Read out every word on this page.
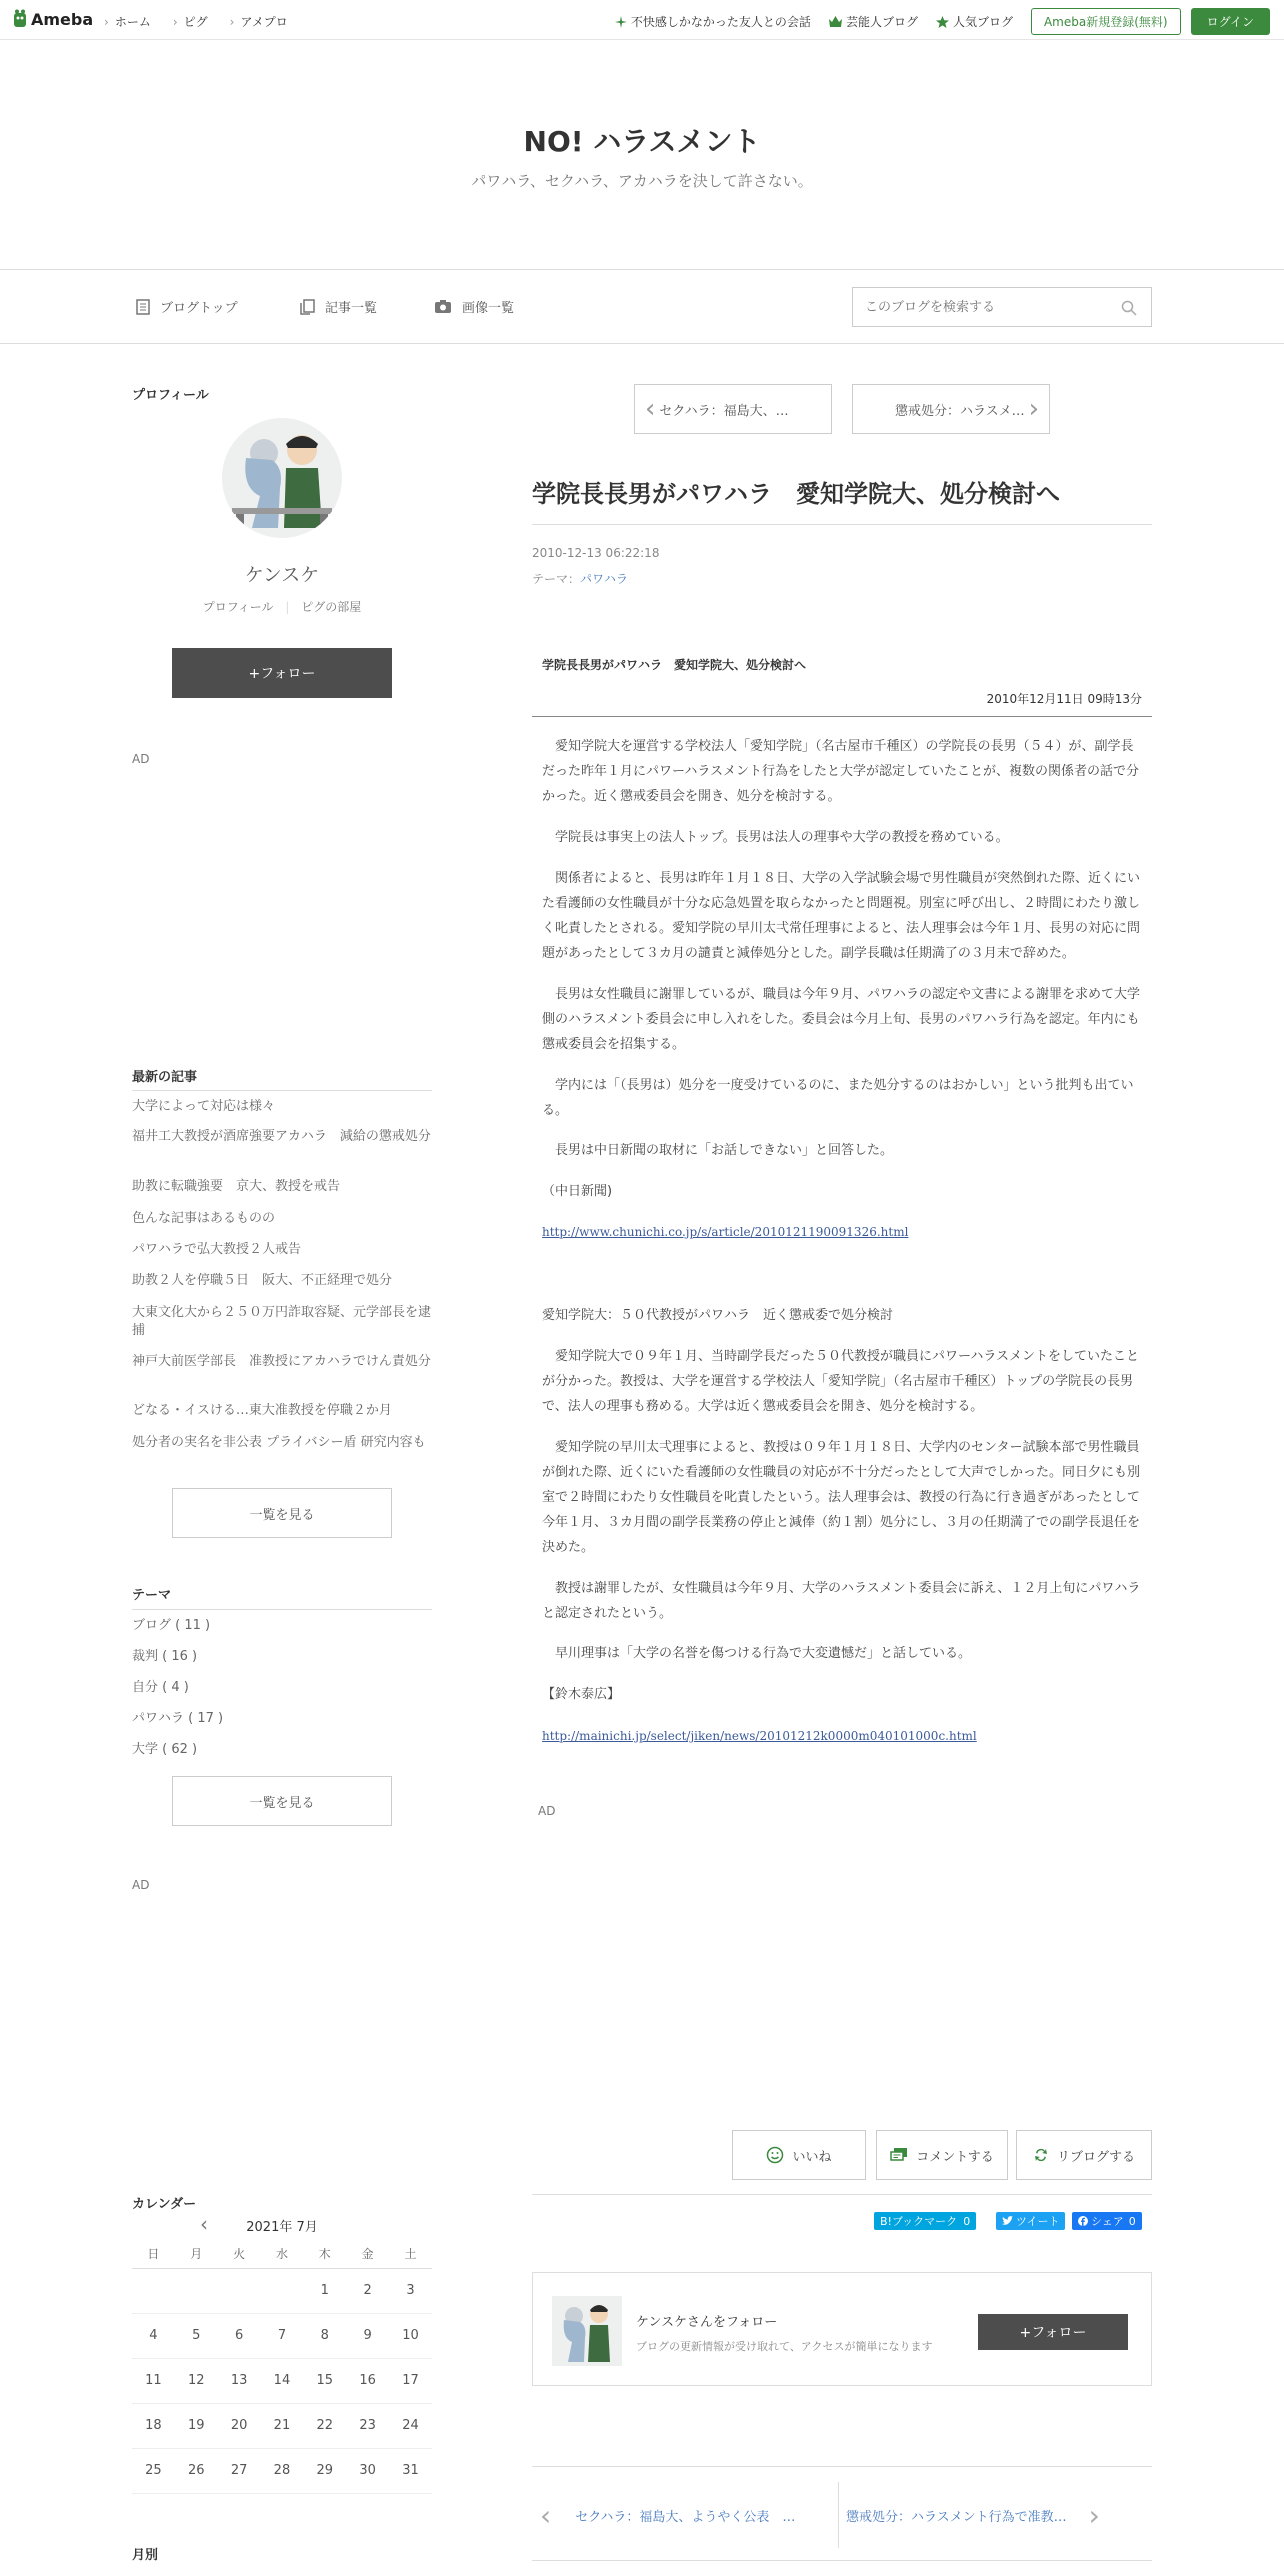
Ameba	› ホーム	› ピグ	› アメプロ	不快感しかなかった友人との会話	芸能人ブログ	人気ブログ	Ameba新規登録(無料)	ログイン
NO! ハラスメント
パワハラ、セクハラ、アカハラを決して許さない。
ブログトップ	記事一覧	画像一覧
このブログを検索する
プロフィール
ケンスケ
プロフィール | ピグの部屋
+フォロー
AD
最新の記事
大学によって対応は様々
福井工大教授が酒席強要アカハラ　減給の懲戒処分
助教に転職強要　京大、教授を戒告
色んな記事はあるものの
パワハラで弘大教授２人戒告
助教２人を停職５日　阪大、不正経理で処分
大東文化大から２５０万円詐取容疑、元学部長を逮捕
神戸大前医学部長　准教授にアカハラでけん責処分
どなる・イスける…東大准教授を停職２か月
処分者の実名を非公表 プライバシー盾 研究内容も
一覧を見る
テーマ
ブログ ( 11 )
裁判 ( 16 )
自分 ( 4 )
パワハラ ( 17 )
大学 ( 62 )
一覧を見る
AD
カレンダー
‹	2021年 7月
日	月	火	水	木	金	土
				1	2	3
4	5	6	7	8	9	10
11	12	13	14	15	16	17
18	19	20	21	22	23	24
25	26	27	28	29	30	31
月別
‹ セクハラ：福島大、…	懲戒処分：ハラスメ… ›
学院長長男がパワハラ　愛知学院大、処分検討へ
2010-12-13 06:22:18
テーマ：パワハラ
学院長長男がパワハラ　愛知学院大、処分検討へ
2010年12月11日 09時13分
　愛知学院大を運営する学校法人「愛知学院」（名古屋市千種区）の学院長の長男（５４）が、副学長だった昨年１月にパワーハラスメント行為をしたと大学が認定していたことが、複数の関係者の話で分かった。近く懲戒委員会を開き、処分を検討する。
　学院長は事実上の法人トップ。長男は法人の理事や大学の教授を務めている。
　関係者によると、長男は昨年１月１８日、大学の入学試験会場で男性職員が突然倒れた際、近くにいた看護師の女性職員が十分な応急処置を取らなかったと問題視。別室に呼び出し、２時間にわたり激しく叱責したとされる。愛知学院の早川太弌常任理事によると、法人理事会は今年１月、長男の対応に問題があったとして３カ月の譴責と減俸処分とした。副学長職は任期満了の３月末で辞めた。
　長男は女性職員に謝罪しているが、職員は今年９月、パワハラの認定や文書による謝罪を求めて大学側のハラスメント委員会に申し入れをした。委員会は今月上旬、長男のパワハラ行為を認定。年内にも懲戒委員会を招集する。
　学内には「（長男は）処分を一度受けているのに、また処分するのはおかしい」という批判も出ている。
　長男は中日新聞の取材に「お話しできない」と回答した。
（中日新聞)
http://www.chunichi.co.jp/s/article/2010121190091326.html
愛知学院大：５０代教授がパワハラ　近く懲戒委で処分検討
　愛知学院大で０９年１月、当時副学長だった５０代教授が職員にパワーハラスメントをしていたことが分かった。教授は、大学を運営する学校法人「愛知学院」（名古屋市千種区）トップの学院長の長男で、法人の理事も務める。大学は近く懲戒委員会を開き、処分を検討する。
　愛知学院の早川太弌理事によると、教授は０９年１月１８日、大学内のセンター試験本部で男性職員が倒れた際、近くにいた看護師の女性職員の対応が不十分だったとして大声でしかった。同日夕にも別室で２時間にわたり女性職員を叱責したという。法人理事会は、教授の行為に行き過ぎがあったとして今年１月、３カ月間の副学長業務の停止と減俸（約１割）処分にし、３月の任期満了での副学長退任を決めた。
　教授は謝罪したが、女性職員は今年９月、大学のハラスメント委員会に訴え、１２月上旬にパワハラと認定されたという。
　早川理事は「大学の名誉を傷つける行為で大変遺憾だ」と話している。
【鈴木泰広】
http://mainichi.jp/select/jiken/news/20101212k0000m040101000c.html
AD
いいね	コメントする	リブログする
B!ブックマーク 0	ツイート	シェア 0
ケンスケさんをフォロー
ブログの更新情報が受け取れて、アクセスが簡単になります
+フォロー
‹ セクハラ：福島大、ようやく公表　…	懲戒処分：ハラスメント行為で准教… ›
